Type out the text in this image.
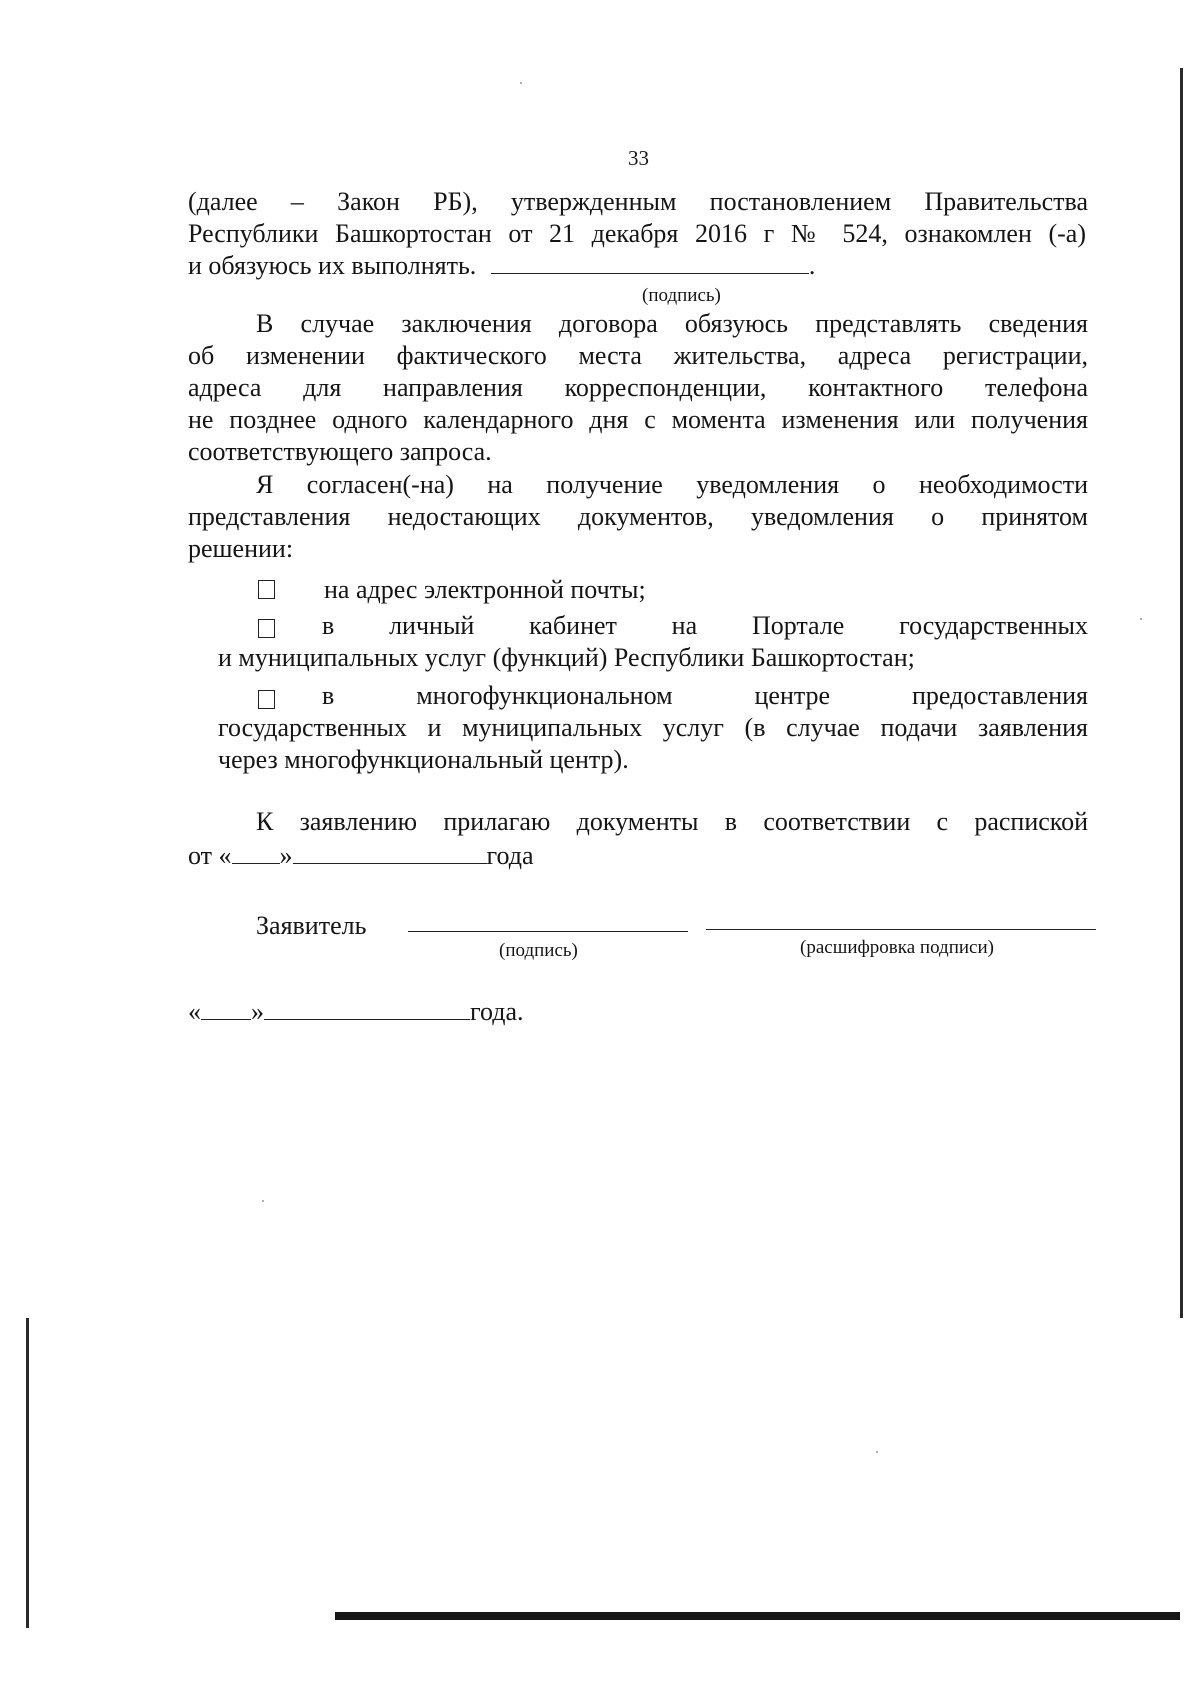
33
(далее – Закон РБ), утвержденным постановлением Правительства
Республики Башкортостан от 21 декабря 2016 г № 524, ознакомлен (-а)
и обязуюсь их выполнять.	.
(подпись)
В случае заключения договора обязуюсь представлять сведения
об изменении фактического места жительства, адреса регистрации,
адреса для направления корреспонденции, контактного телефона
не позднее одного календарного дня с момента изменения или получения
соответствующего запроса.
Я согласен(-на) на получение уведомления о необходимости
представления недостающих документов, уведомления о принятом
решении:
на адрес электронной почты;
в личный кабинет на Портале государственных
и муниципальных услуг (функций) Республики Башкортостан;
в многофункциональном центре предоставления
государственных и муниципальных услуг (в случае подачи заявления
через многофункциональный центр).
К заявлению прилагаю документы в соответствии с распиской
от « »	года
Заявитель
(подпись)	(расшифровка подписи)
« »	года.
